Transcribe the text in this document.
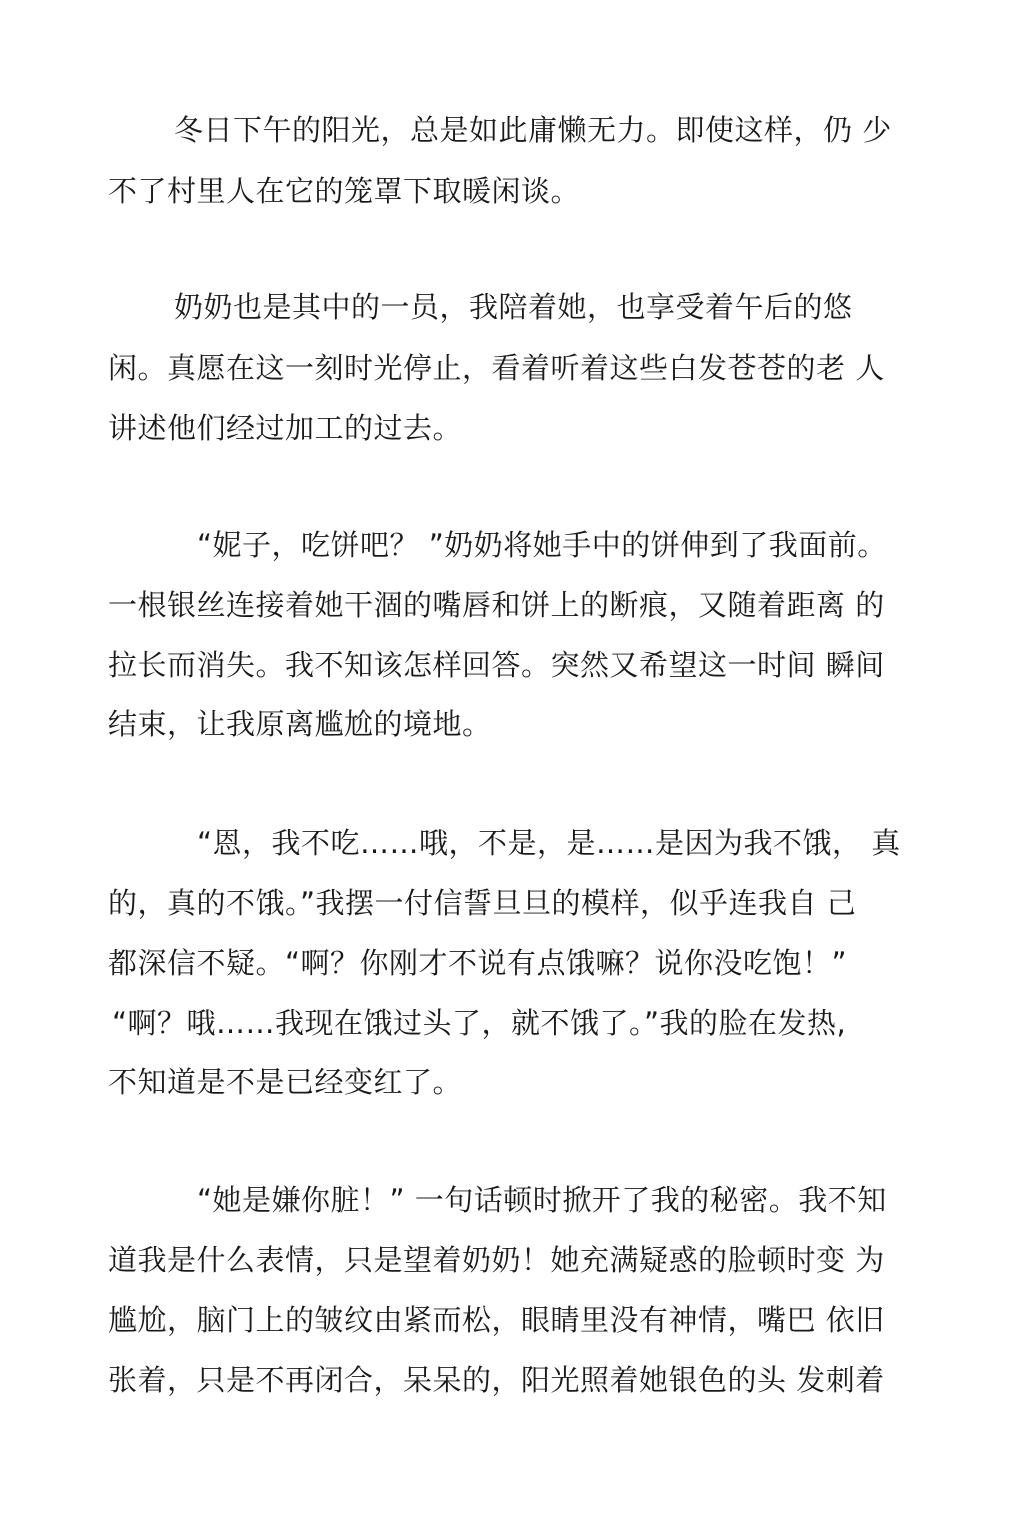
冬日下午的阳光，总是如此庸懒无力。即使这样，仍 少
不了村里人在它的笼罩下取暖闲谈。
奶奶也是其中的一员，我陪着她，也享受着午后的悠
闲。真愿在这一刻时光停止，看着听着这些白发苍苍的老 人
讲述他们经过加工的过去。
“妮子，吃饼吧？ ”奶奶将她手中的饼伸到了我面前。
一根银丝连接着她干涸的嘴唇和饼上的断痕，又随着距离 的
拉长而消失。我不知该怎样回答。突然又希望这一时间 瞬间
结束，让我原离尴尬的境地。
“恩，我不吃……哦，不是，是……是因为我不饿， 真
的，真的不饿。”我摆一付信誓旦旦的模样，似乎连我自 己
都深信不疑。“啊？你刚才不说有点饿嘛？说你没吃饱！”
“啊？哦……我现在饿过头了，就不饿了。”我的脸在发热,
不知道是不是已经变红了。
“她是嫌你脏！” 一句话顿时掀开了我的秘密。我不知
道我是什么表情，只是望着奶奶！她充满疑惑的脸顿时变 为
尴尬，脑门上的皱纹由紧而松，眼睛里没有神情，嘴巴 依旧
张着，只是不再闭合，呆呆的，阳光照着她银色的头 发刺着
